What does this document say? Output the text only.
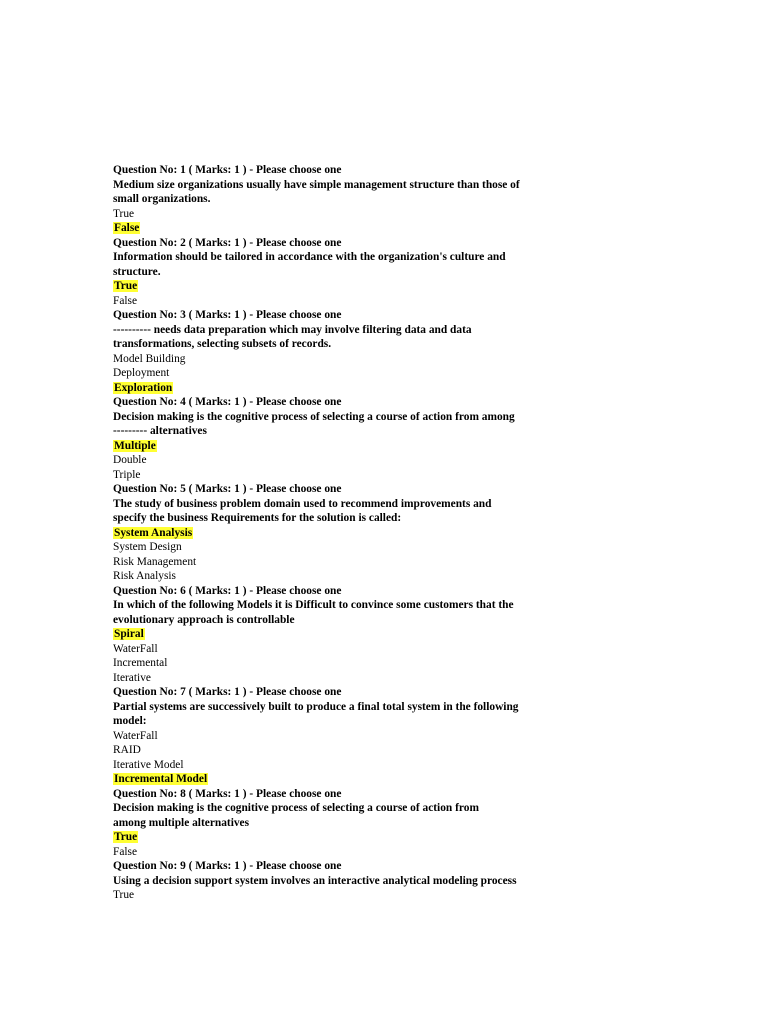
Question No: 1 ( Marks: 1 ) - Please choose one
Medium size organizations usually have simple management structure than those of
small organizations.
True
False
Question No: 2 ( Marks: 1 ) - Please choose one
Information should be tailored in accordance with the organization's culture and
structure.
True
False
Question No: 3 ( Marks: 1 ) - Please choose one
---------- needs data preparation which may involve filtering data and data
transformations, selecting subsets of records.
Model Building
Deployment
Exploration
Question No: 4 ( Marks: 1 ) - Please choose one
Decision making is the cognitive process of selecting a course of action from among
--------- alternatives
Multiple
Double
Triple
Question No: 5 ( Marks: 1 ) - Please choose one
The study of business problem domain used to recommend improvements and
specify the business Requirements for the solution is called:
System Analysis
System Design
Risk Management
Risk Analysis
Question No: 6 ( Marks: 1 ) - Please choose one
In which of the following Models it is Difficult to convince some customers that the
evolutionary approach is controllable
Spiral
WaterFall
Incremental
Iterative
Question No: 7 ( Marks: 1 ) - Please choose one
Partial systems are successively built to produce a final total system in the following
model:
WaterFall
RAID
Iterative Model
Incremental Model
Question No: 8 ( Marks: 1 ) - Please choose one
Decision making is the cognitive process of selecting a course of action from
among multiple alternatives
True
False
Question No: 9 ( Marks: 1 ) - Please choose one
Using a decision support system involves an interactive analytical modeling process
True
